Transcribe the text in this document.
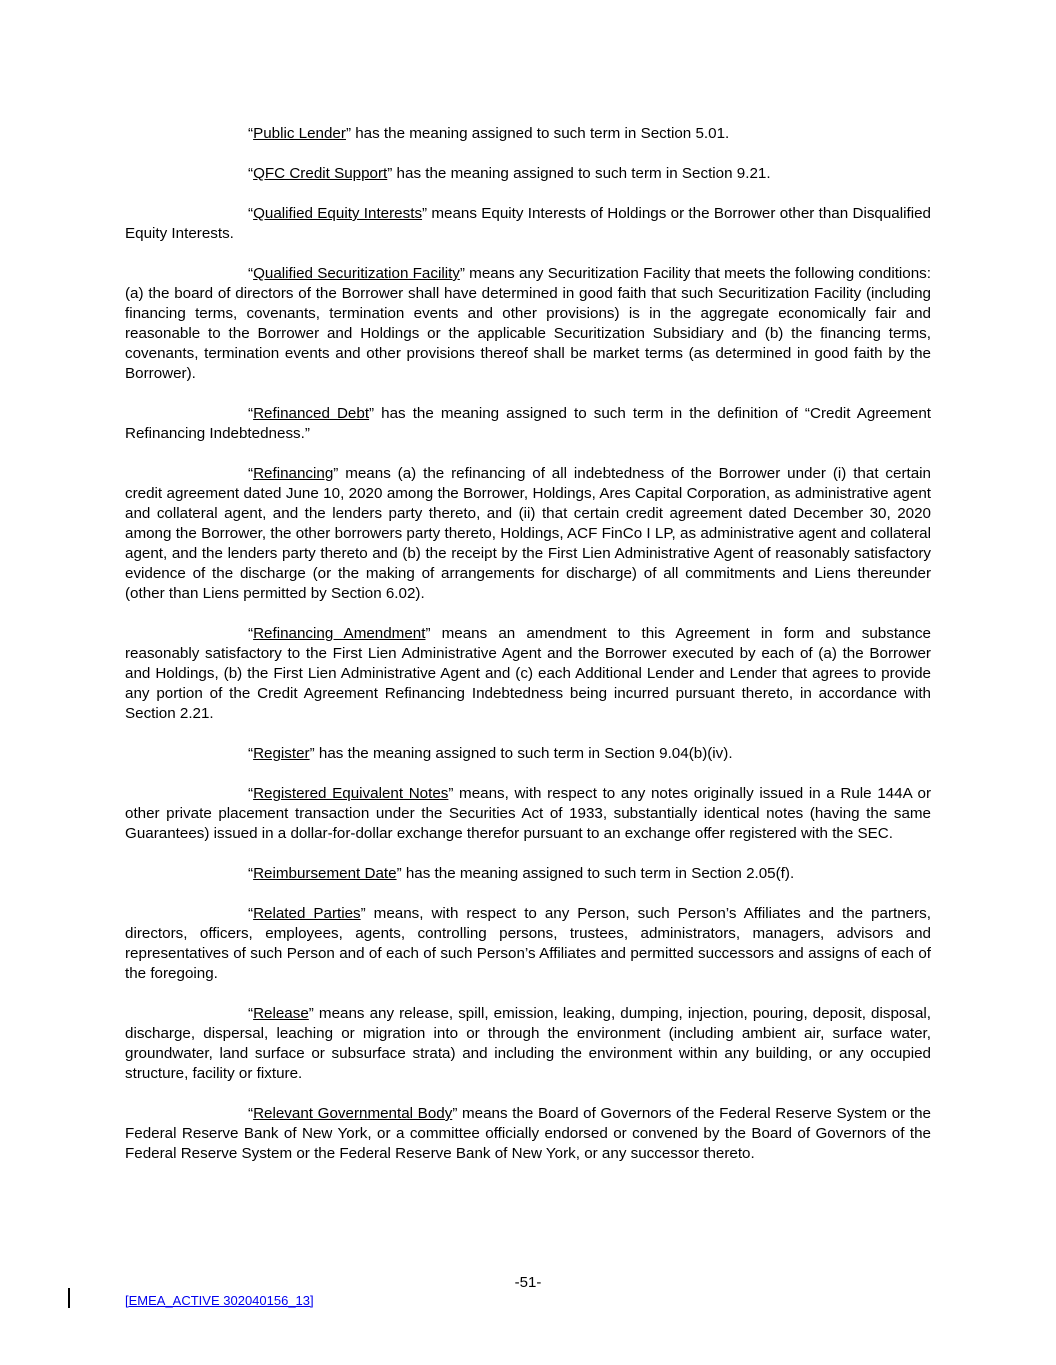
“Public Lender” has the meaning assigned to such term in Section 5.01.

“QFC Credit Support” has the meaning assigned to such term in Section 9.21.

“Qualified Equity Interests” means Equity Interests of Holdings or the Borrower other than Disqualified Equity Interests.

“Qualified Securitization Facility” means any Securitization Facility that meets the following conditions: (a) the board of directors of the Borrower shall have determined in good faith that such Securitization Facility (including financing terms, covenants, termination events and other provisions) is in the aggregate economically fair and reasonable to the Borrower and Holdings or the applicable Securitization Subsidiary and (b) the financing terms, covenants, termination events and other provisions thereof shall be market terms (as determined in good faith by the Borrower).

“Refinanced Debt” has the meaning assigned to such term in the definition of “Credit Agreement Refinancing Indebtedness.”

“Refinancing” means (a) the refinancing of all indebtedness of the Borrower under (i) that certain credit agreement dated June 10, 2020 among the Borrower, Holdings, Ares Capital Corporation, as administrative agent and collateral agent, and the lenders party thereto, and (ii) that certain credit agreement dated December 30, 2020 among the Borrower, the other borrowers party thereto, Holdings, ACF FinCo I LP, as administrative agent and collateral agent, and the lenders party thereto and (b) the receipt by the First Lien Administrative Agent of reasonably satisfactory evidence of the discharge (or the making of arrangements for discharge) of all commitments and Liens thereunder (other than Liens permitted by Section 6.02).

“Refinancing Amendment” means an amendment to this Agreement in form and substance reasonably satisfactory to the First Lien Administrative Agent and the Borrower executed by each of (a) the Borrower and Holdings, (b) the First Lien Administrative Agent and (c) each Additional Lender and Lender that agrees to provide any portion of the Credit Agreement Refinancing Indebtedness being incurred pursuant thereto, in accordance with Section 2.21.

“Register” has the meaning assigned to such term in Section 9.04(b)(iv).

“Registered Equivalent Notes” means, with respect to any notes originally issued in a Rule 144A or other private placement transaction under the Securities Act of 1933, substantially identical notes (having the same Guarantees) issued in a dollar-for-dollar exchange therefor pursuant to an exchange offer registered with the SEC.

“Reimbursement Date” has the meaning assigned to such term in Section 2.05(f).

“Related Parties” means, with respect to any Person, such Person’s Affiliates and the partners, directors, officers, employees, agents, controlling persons, trustees, administrators, managers, advisors and representatives of such Person and of each of such Person’s Affiliates and permitted successors and assigns of each of the foregoing.

“Release” means any release, spill, emission, leaking, dumping, injection, pouring, deposit, disposal, discharge, dispersal, leaching or migration into or through the environment (including ambient air, surface water, groundwater, land surface or subsurface strata) and including the environment within any building, or any occupied structure, facility or fixture.

“Relevant Governmental Body” means the Board of Governors of the Federal Reserve System or the Federal Reserve Bank of New York, or a committee officially endorsed or convened by the Board of Governors of the Federal Reserve System or the Federal Reserve Bank of New York, or any successor thereto.

-51-
[EMEA_ACTIVE 302040156_13]
